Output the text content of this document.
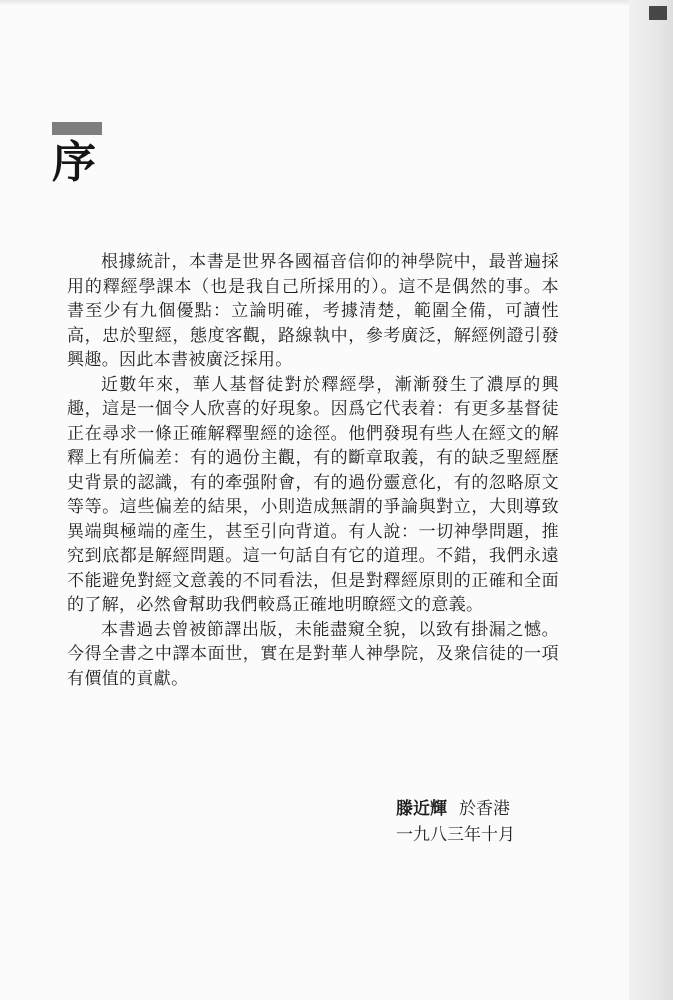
序

根據統計，本書是世界各國福音信仰的神學院中，最普遍採用的釋經學課本（也是我自己所採用的）。這不是偶然的事。本書至少有九個優點：立論明確，考據清楚，範圍全備，可讀性高，忠於聖經，態度客觀，路線執中，參考廣泛，解經例證引發興趣。因此本書被廣泛採用。

近數年來，華人基督徒對於釋經學，漸漸發生了濃厚的興趣，這是一個令人欣喜的好現象。因爲它代表着：有更多基督徒正在尋求一條正確解釋聖經的途徑。他們發現有些人在經文的解釋上有所偏差：有的過份主觀，有的斷章取義，有的缺乏聖經歷史背景的認識，有的牽强附會，有的過份靈意化，有的忽略原文等等。這些偏差的結果，小則造成無謂的爭論與對立，大則導致異端與極端的產生，甚至引向背道。有人說：一切神學問題，推究到底都是解經問題。這一句話自有它的道理。不錯，我們永遠不能避免對經文意義的不同看法，但是對釋經原則的正確和全面的了解，必然會幫助我們較爲正確地明瞭經文的意義。

本書過去曾被節譯出版，未能盡窺全貌，以致有掛漏之憾。今得全書之中譯本面世，實在是對華人神學院，及衆信徒的一項有價值的貢獻。

滕近輝 於香港
一九八三年十月
